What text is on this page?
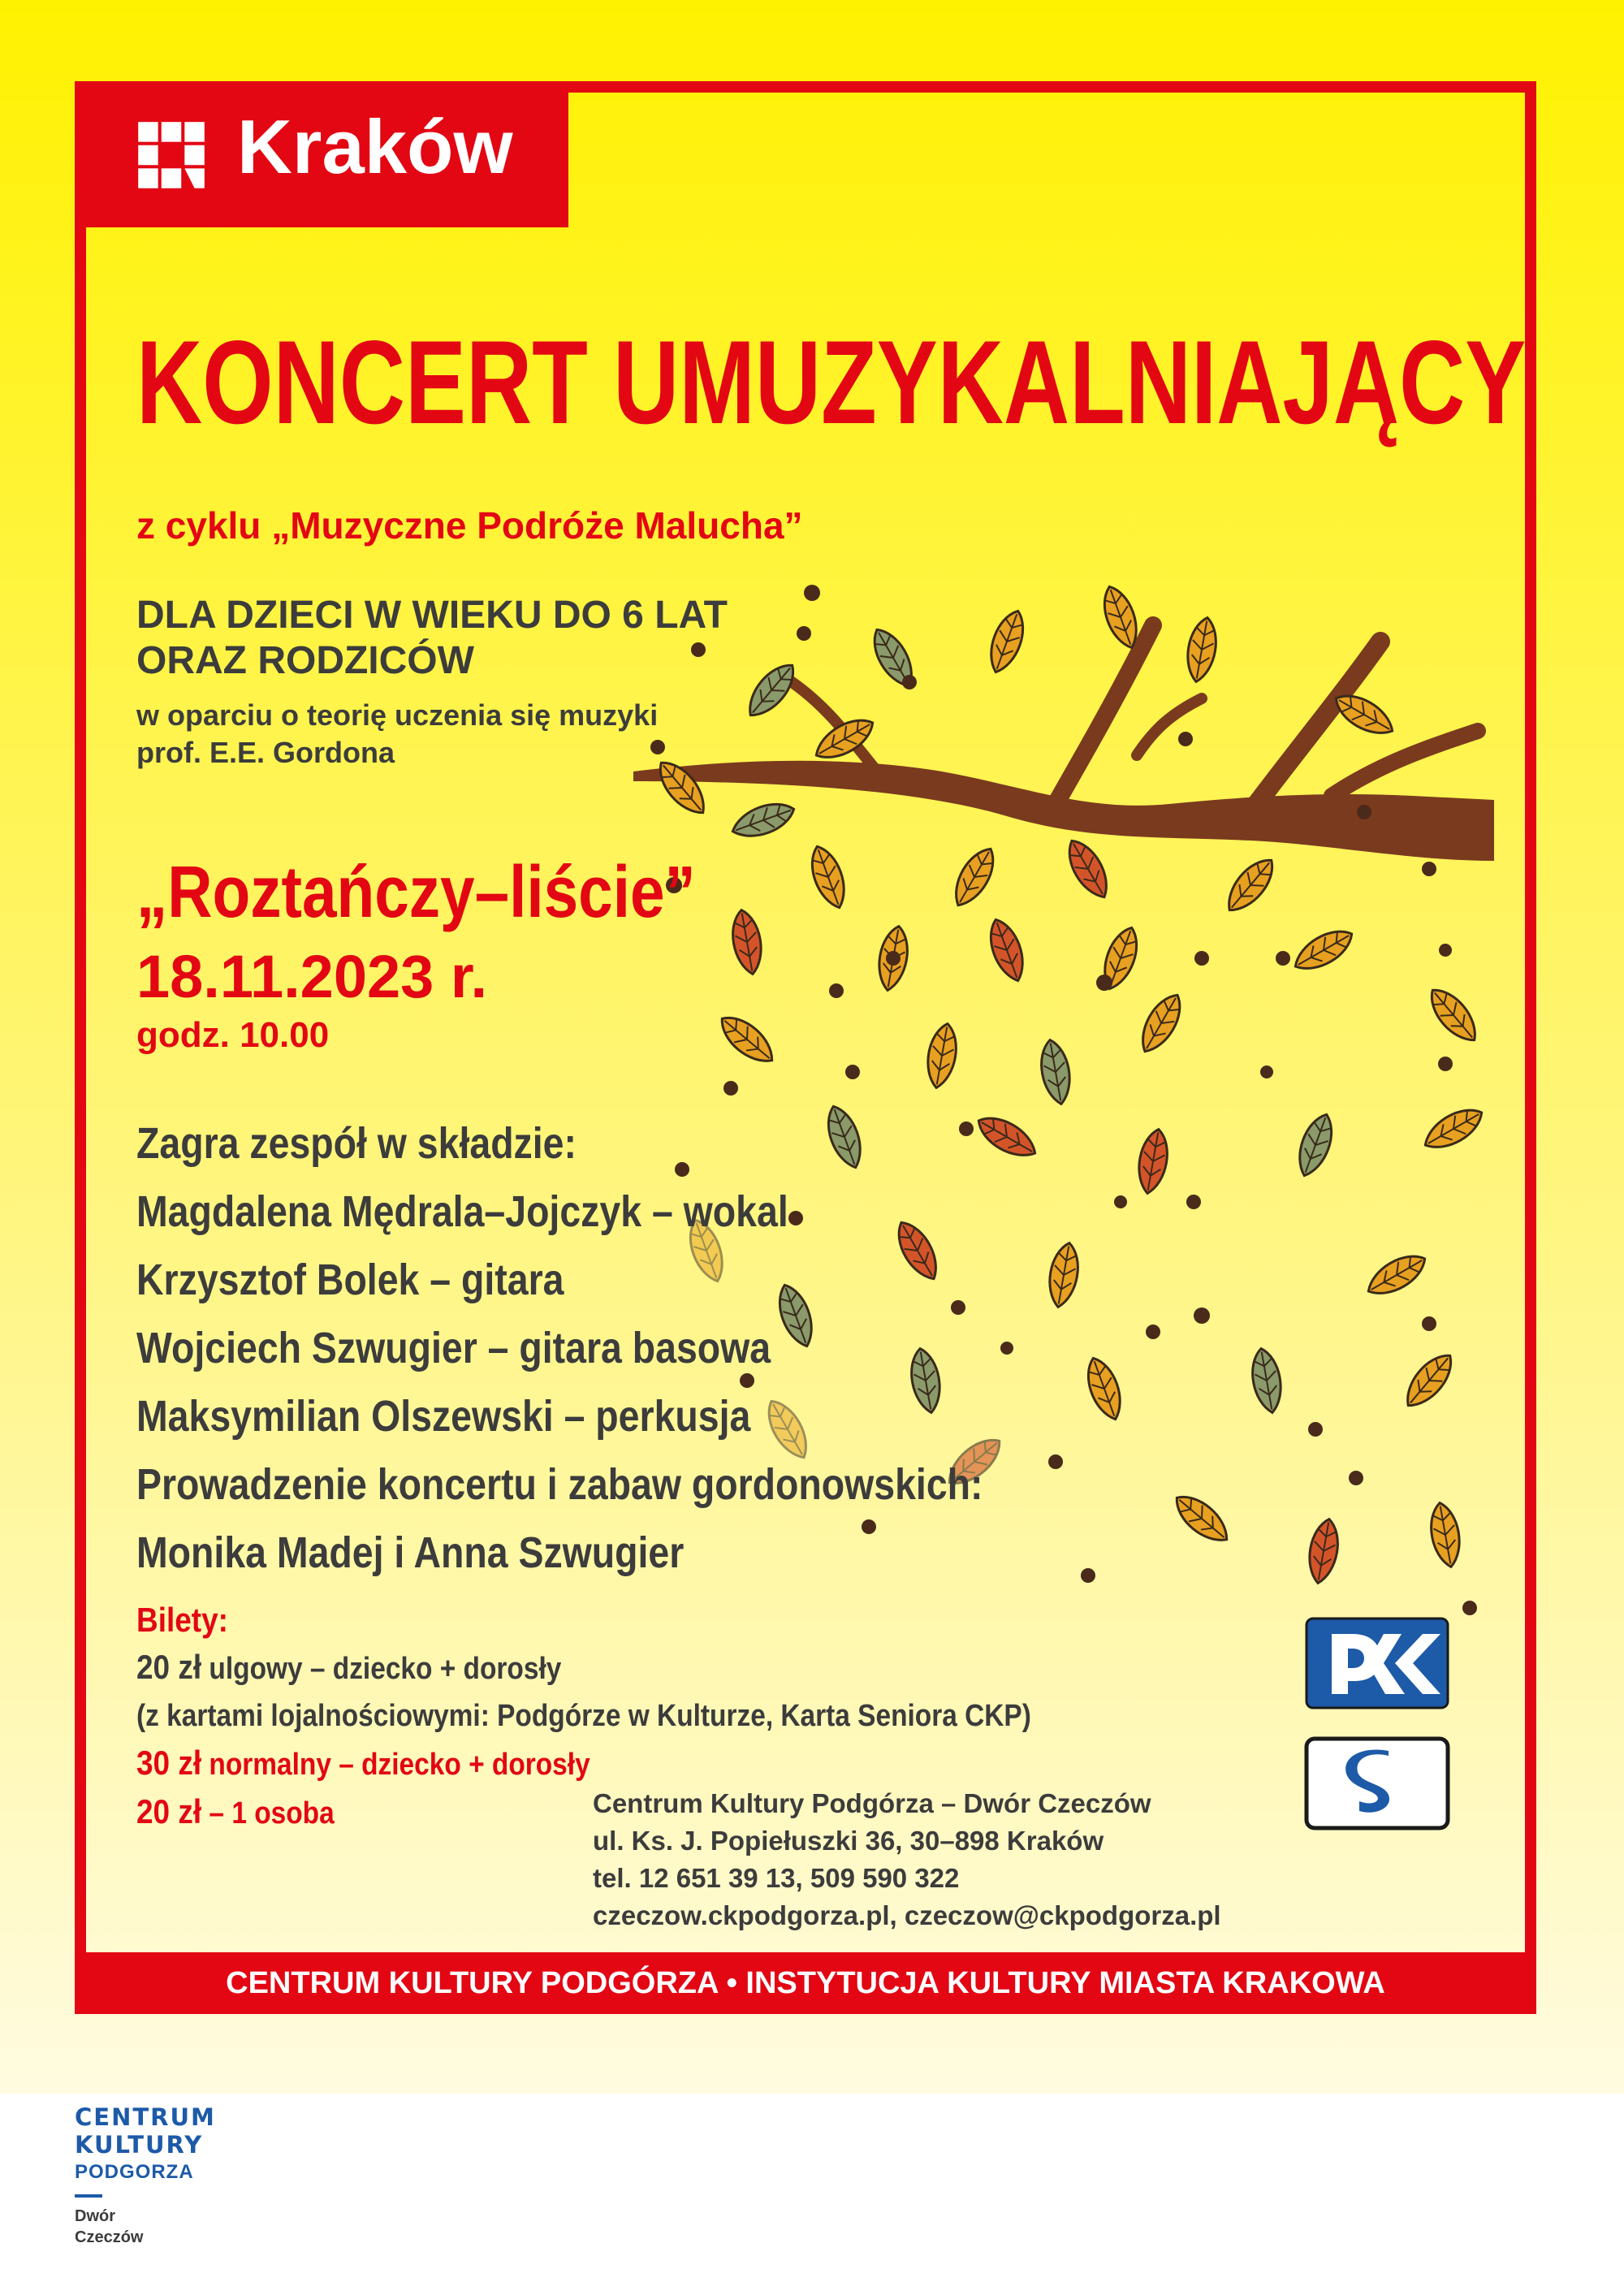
Kraków
KONCERT UMUZYKALNIAJĄCY
z cyklu „Muzyczne Podróże Malucha”
DLA DZIECI W WIEKU DO 6 LAT
ORAZ RODZICÓW
w oparciu o teorię uczenia się muzyki
prof. E.E. Gordona
„Roztańczy–liście”
18.11.2023 r.
godz. 10.00
Zagra zespół w składzie:
Magdalena Mędrala–Jojczyk – wokal
Krzysztof Bolek – gitara
Wojciech Szwugier – gitara basowa
Maksymilian Olszewski – perkusja
Prowadzenie koncertu i zabaw gordonowskich:
Monika Madej i Anna Szwugier
Bilety:
20 zł ulgowy – dziecko + dorosły
(z kartami lojalnościowymi: Podgórze w Kulturze, Karta Seniora CKP)
30 zł normalny – dziecko + dorosły
20 zł – 1 osoba	Centrum Kultury Podgórza – Dwór Czeczów
ul. Ks. J. Popiełuszki 36, 30–898 Kraków
tel. 12 651 39 13, 509 590 322
czeczow.ckpodgorza.pl, czeczow@ckpodgorza.pl
CENTRUM KULTURY PODGÓRZA • INSTYTUCJA KULTURY MIASTA KRAKOWA
CENTRUM
KULTURY
PODGORZA
Dwór
Czeczów
